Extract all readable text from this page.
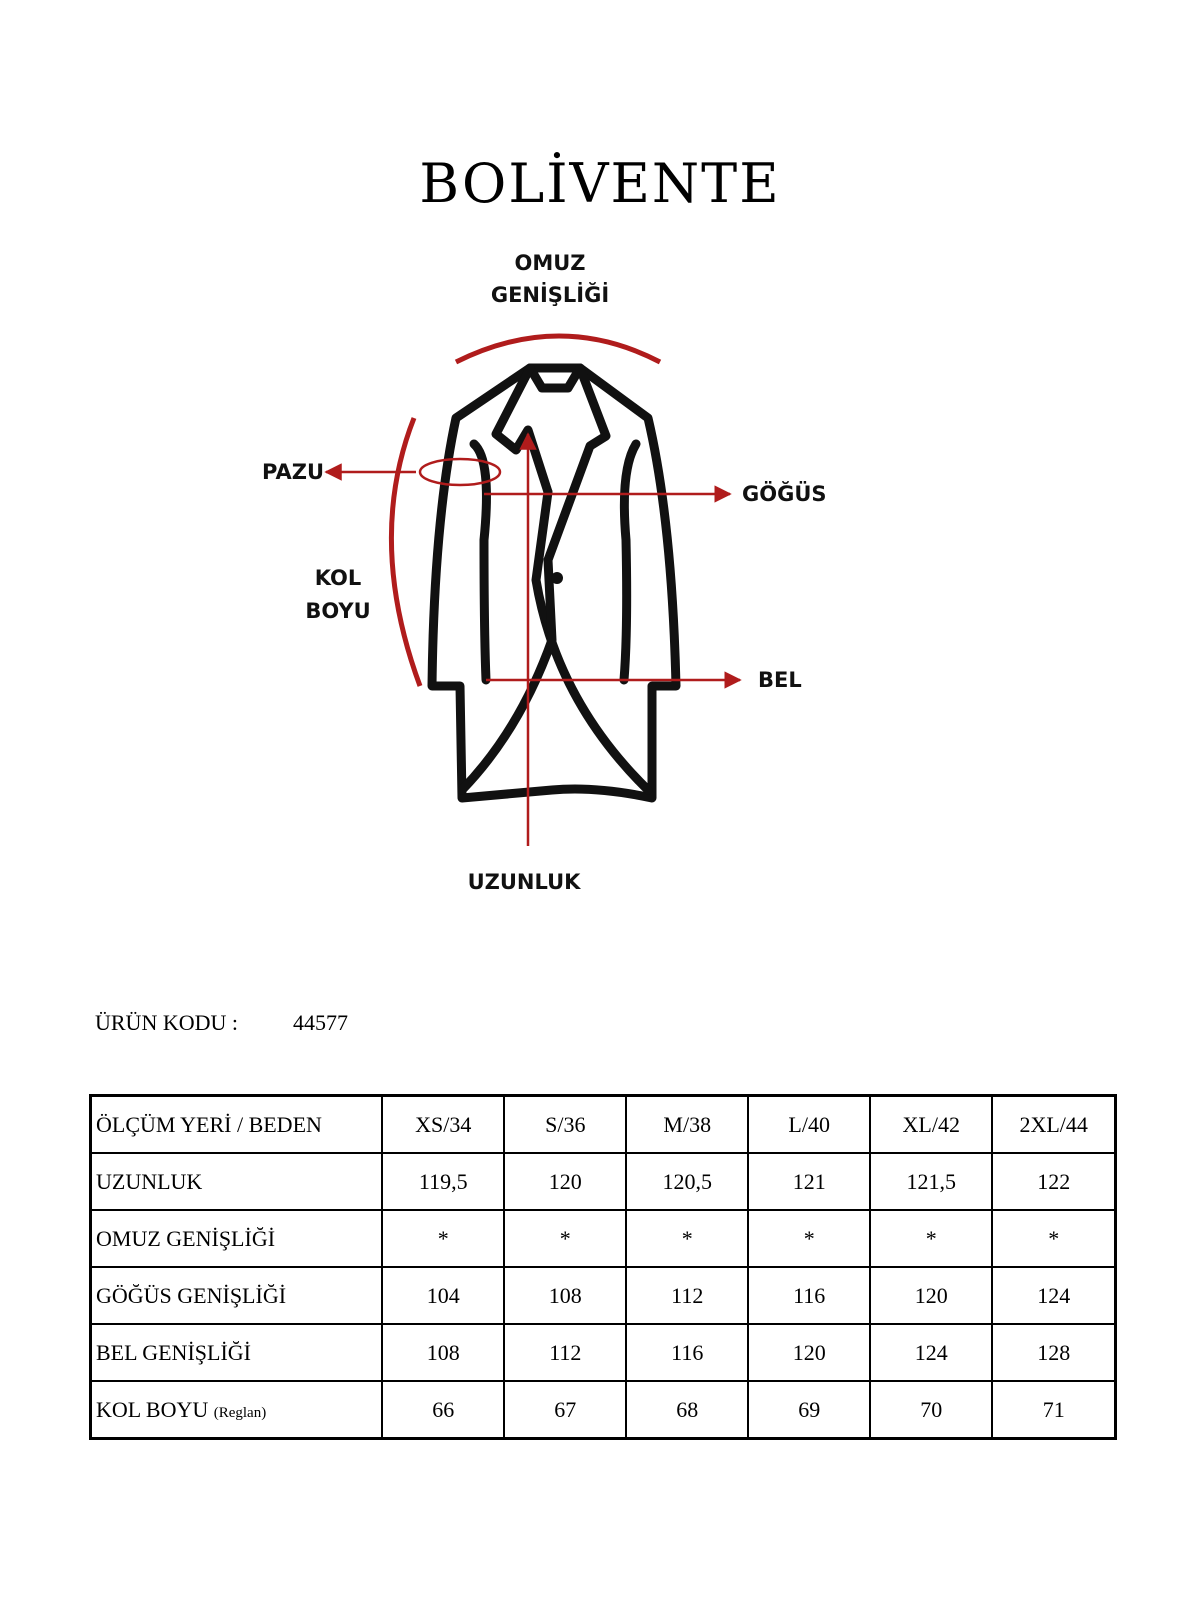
BOLİVENTE
OMUZ
GENİŞLİĞİ
PAZU
GÖĞÜS
KOL
BOYU
BEL
UZUNLUK
ÜRÜN KODU :	44577
ÖLÇÜM YERİ / BEDEN	XS/34	S/36	M/38	L/40	XL/42	2XL/44
UZUNLUK	119,5	120	120,5	121	121,5	122
OMUZ GENİŞLİĞİ	*	*	*	*	*	*
GÖĞÜS GENİŞLİĞİ	104	108	112	116	120	124
BEL GENİŞLİĞİ	108	112	116	120	124	128
KOL BOYU (Reglan)	66	67	68	69	70	71
